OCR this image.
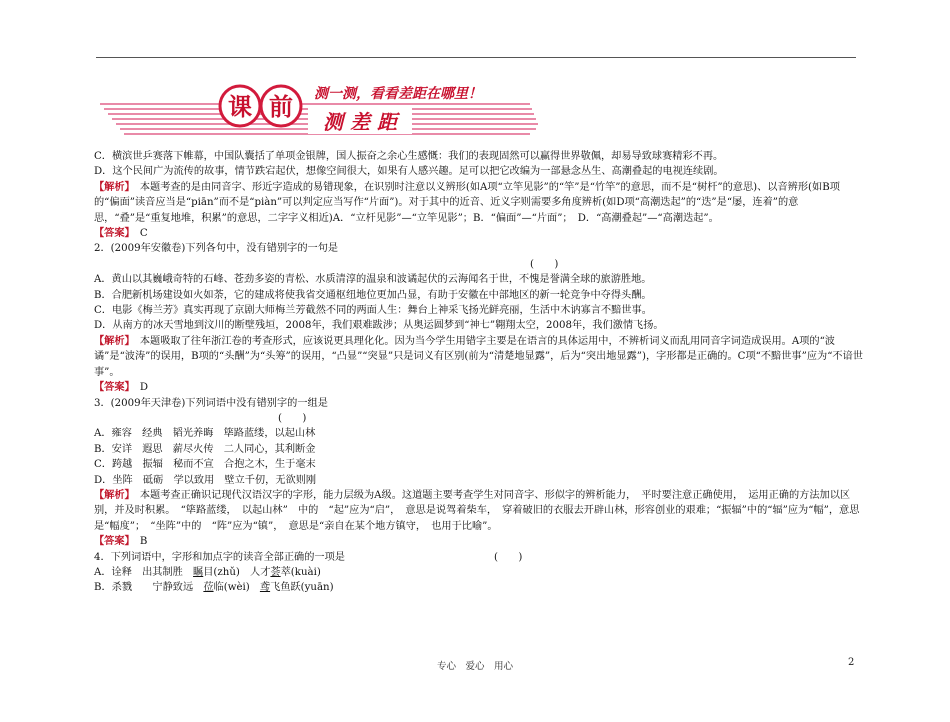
课 前 测一测，看看差距在哪里！
测 差 距

C．横滨世乒赛落下帷幕，中国队囊括了单项金银牌，国人振奋之余心生感慨：我们的表现固然可以赢得世界敬佩，却易导致球赛精彩不再。

D．这个民间广为流传的故事，情节跌宕起伏，想像空间很大，如果有人感兴趣。足可以把它改编为一部悬念丛生、高潮叠起的电视连续剧。

【解析】　 本题考查的是由同音字、形近字造成的易错现象，在识别时注意以义辨形(如A项“立竿见影”的“竿”是“竹竿”的意思，而不是“树杆”的意思)、以音辨形(如B项的“偏面”读音应当是“piān”而不是“piàn”可以判定应当写作“片面”)。对于其中的近音、近义字则需要多角度辨析(如D项“高潮迭起”的“迭”是“屡，连着”的意思，“叠”是“重复地堆，积累”的意思，二字字义相近)A．“立杆见影”—“立竿见影”；B．“偏面”—“片面”；　D．“高潮叠起”—“高潮迭起”。

【答案】　 C

2．(2009年安徽卷)下列各句中，没有错别字的一句是

(　　)

A．黄山以其巍峨奇特的石峰、苍劲多姿的青松、水质清淳的温泉和波谲起伏的云海闻名于世，不愧是誉满全球的旅游胜地。

B．合肥新机场建设如火如荼，它的建成将使我省交通枢纽地位更加凸显，有助于安徽在中部地区的新一轮竞争中夺得头酬。

C．电影《梅兰芳》真实再现了京剧大师梅兰芳截然不同的两面人生：舞台上神采飞扬光鲜亮丽，生活中木讷寡言不黯世事。

D．从南方的冰天雪地到汶川的断壁残垣，2008年，我们艰难跋涉；从奥运圆梦到“神七”翱翔太空，2008年，我们激情飞扬。

【解析】　 本题吸取了往年浙江卷的考查形式，应该说更具理化化。因为当今学生用错字主要是在语言的具体运用中，不辨析词义而乱用同音字词造成误用。A项的“波谲”是“波涛”的误用，B项的“头酬”为“头筹”的误用，“凸显”“突显”只是词义有区别(前为“清楚地显露”，后为“突出地显露”)，字形都是正确的。C项“不黯世事”应为“不谙世事”。

【答案】　 D

3．(2009年天津卷)下列词语中没有错别字的一组是

(　　)

A．雍容　经典　韬光养晦　筚路蓝缕，以起山林

B．安详　遐思　薪尽火传　二人同心，其利断金

C．跨越　振辐　秘而不宣　合抱之木，生于毫末

D．坐阵　砥砺　学以致用　壁立千仞，无欲则刚

【解析】　 本题考查正确识记现代汉语汉字的字形，能力层级为A级。这道题主要考查学生对同音字、形似字的辨析能力，　平时要注意正确使用，　运用正确的方法加以区别，并及时积累。　“筚路蓝缕，　以起山林”　中的　“起”应为“启”，　意思是说驾着柴车，　穿着破旧的衣服去开辟山林，形容创业的艰难；“振辐”中的“辐”应为“幅”，意思是“幅度”；　“坐阵”中的　“阵”应为“镇”，　意思是“亲自在某个地方镇守，　也用于比喻”。

【答案】　 B

4．下列词语中，字形和加点字的读音全部正确的一项是	(　　)

A．诠释　出其制胜　瞩目(zhǔ)　人才荟萃(kuài)

B．杀戮　　宁静致远　莅临(wèi)　鸢飞鱼跃(yuān)

专心　爱心　用心	2
